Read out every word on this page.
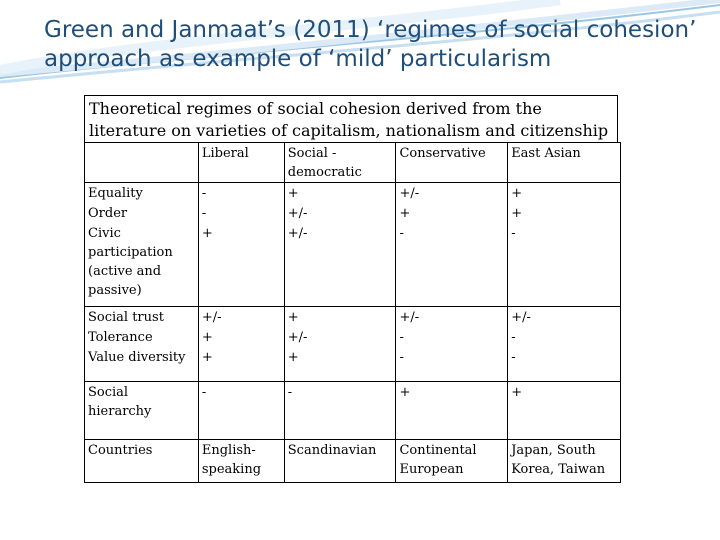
Green and Janmaat’s (2011) ‘regimes of social cohesion’ approach as example of ‘mild’ particularism
Theoretical regimes of social cohesion derived from the literature on varieties of capitalism, nationalism and citizenship
	Liberal	Social - democratic	Conservative	East Asian
Equality	-	+	+/-	+
Order	-	+/-	+	+
Civic participation (active and passive)	+	+/-	-	-
Social trust	+/-	+	+/-	+/-
Tolerance	+	+/-	-	-
Value diversity	+	+	-	-
Social hierarchy	-	-	+	+
Countries	English-speaking	Scandinavian	Continental European	Japan, South Korea, Taiwan
